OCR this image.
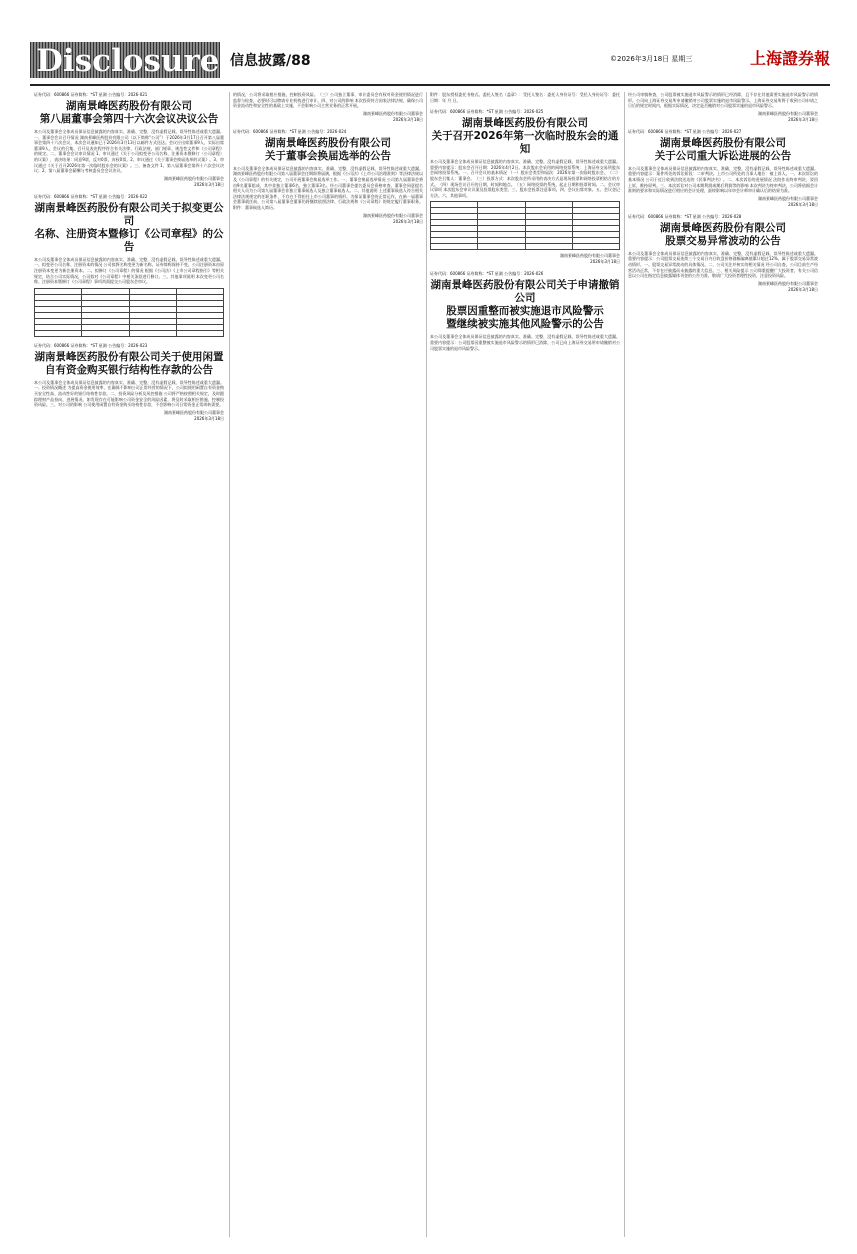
Disclosure 信息披露/88	©2026年3月18日 星期三	上海證券報
证券代码：600866 证券简称：*ST 星湖 公告编号：2026-021
湖南景峰医药股份有限公司
第八届董事会第四十六次会议决议公告
本公司及董事会全体成员保证信息披露的内容真实、准确、完整，没有虚假记载、误导性陈述或重大遗漏。一、董事会会议召开情况 湖南景峰医药股份有限公司（以下简称“公司”）于2026年3月17日召开第八届董事会第四十六次会议，本次会议通知已于2026年3月13日以邮件方式送达。会议应出席董事9人，实际出席董事9人。会议的召集、召开及表决程序符合有关法律、行政法规、部门规章、规范性文件和《公司章程》的规定。二、董事会会议审议情况 1、审议通过《关于公司拟变更公司名称、注册资本暨修订〈公司章程〉的议案》，表决结果：同意9票，反对0票，弃权0票。2、审议通过《关于董事会换届选举的议案》。3、审议通过《关于召开2026年第一次临时股东会的议案》。三、备查文件 1、第八届董事会第四十六次会议决议；2、第八届董事会薪酬与考核委员会会议决议。
湖南景峰医药股份有限公司董事会
2026年3月18日
证券代码：600866 证券简称：*ST 星湖 公告编号：2026-022
湖南景峰医药股份有限公司关于拟变更公司
名称、注册资本暨修订《公司章程》的公告
本公司及董事会全体成员保证信息披露的内容真实、准确、完整，没有虚假记载、误导性陈述或重大遗漏。一、拟变更公司名称、注册资本的情况 公司拟将名称变更为新名称，证券简称保持不变。公司注册资本由原注册资本变更为新注册资本。二、拟修订《公司章程》的情况 根据《公司法》《上市公司章程指引》等相关规定，结合公司实际情况，公司拟对《公司章程》中相关条款进行修订。三、其他事项说明 本次变更公司名称、注册资本暨修订《公司章程》事项尚需提交公司股东会审议。

证券代码：600866 证券简称：*ST 星湖 公告编号：2026-023
湖南景峰医药股份有限公司关于使用闲置
自有资金购买银行结构性存款的公告
本公司及董事会全体成员保证信息披露的内容真实、准确、完整，没有虚假记载、误导性陈述或重大遗漏。一、投资情况概述 为提高资金使用效率，在确保不影响公司正常经营的情况下，公司拟使用闲置自有资金购买安全性高、流动性好的银行结构性存款。二、投资风险分析及风控措施 公司将严格按照相关规定，及时跟踪理财产品投向、进展情况，如发现存在可能影响公司资金安全的风险因素，将及时采取相应措施，控制投资风险。三、对公司的影响 公司使用闲置自有资金购买结构性存款，不会影响公司日常资金正常周转需要。
湖南景峰医药股份有限公司董事会
2026年3月18日
的情况，公司将采取相应措施，控制投资风险。（三）公司独立董事、审计委员会有权对资金使用情况进行监督与检查，必要时可以聘请专业机构进行审计。四、对公司的影响 本次投资符合国家法律法规，确保公司资金流动性和安全性的基础上实施，不会影响公司主营业务的正常开展。
湖南景峰医药股份有限公司董事会
2026年3月18日
证券代码：600866 证券简称：*ST 星湖 公告编号：2026-024
湖南景峰医药股份有限公司
关于董事会换届选举的公告
本公司及董事会全体成员保证信息披露的内容真实、准确、完整，没有虚假记载、误导性陈述或重大遗漏。湖南景峰医药股份有限公司第八届董事会任期即将届满，根据《公司法》《上市公司治理准则》等法律法规以及《公司章程》的有关规定，公司开展董事会换届选举工作。一、董事会换届选举情况 公司第九届董事会将由9名董事组成，其中非独立董事6名，独立董事3名。经公司董事会提名委员会资格审查，董事会同意提名相关人员为公司第九届董事会非独立董事候选人及独立董事候选人。二、其他说明 上述董事候选人符合相关法律法规规定的任职条件，不存在不得担任上市公司董事的情形。为保证董事会的正常运作，在新一届董事会董事就任前，公司第八届董事会董事仍将继续依照法律、行政法规和《公司章程》的规定履行董事职务。附件：董事候选人简历。
湖南景峰医药股份有限公司董事会
2026年3月18日
附件：股东授权委托书格式。委托人签名（盖章）：受托人签名：委托人身份证号：受托人身份证号：委托日期：年 月 日。
证券代码：600866 证券简称：*ST 星湖 公告编号：2026-025
湖南景峰医药股份有限公司
关于召开2026年第一次临时股东会的通知
本公司及董事会全体成员保证信息披露的内容真实、准确、完整，没有虚假记载、误导性陈述或重大遗漏。重要内容提示：股东会召开日期：2026年4月2日。本次股东会采用的网络投票系统：上海证券交易所股东会网络投票系统。一、召开会议的基本情况 （一）股东会类型和届次：2026年第一次临时股东会。（二）股东会召集人：董事会。（三）投票方式：本次股东会所采用的表决方式是现场投票和网络投票相结合的方式。（四）现场会议召开的日期、时间和地点。（五）网络投票的系统、起止日期和投票时间。二、会议审议事项 本次股东会审议议案及投票股东类型。三、股东会投票注意事项。四、会议出席对象。五、会议登记方法。六、其他事项。

湖南景峰医药股份有限公司董事会
2026年3月18日
证券代码：600866 证券简称：*ST 星湖 公告编号：2026-026
湖南景峰医药股份有限公司关于申请撤销公司
股票因重整而被实施退市风险警示
暨继续被实施其他风险警示的公告
本公司及董事会全体成员保证信息披露的内容真实、准确、完整，没有虚假记载、误导性陈述或重大遗漏。重要内容提示：公司股票因重整被实施退市风险警示的情形已消除，公司已向上海证券交易所申请撤销对公司股票实施的退市风险警示。
经公司审慎核查，公司股票被实施退市风险警示的情形已经消除，且不存在其他需要实施退市风险警示的情形。公司向上海证券交易所申请撤销对公司股票实施的退市风险警示。上海证券交易所将于收到公司申请之日后的规定时间内，根据实际情况，决定是否撤销对公司股票实施的退市风险警示。
湖南景峰医药股份有限公司董事会
2026年3月18日
证券代码：600866 证券简称：*ST 星湖 公告编号：2026-027
湖南景峰医药股份有限公司
关于公司重大诉讼进展的公告
本公司及董事会全体成员保证信息披露的内容真实、准确、完整，没有虚假记载、误导性陈述或重大遗漏。重要内容提示：案件所处的诉讼阶段：二审判决。上市公司所处的当事人地位：被上诉人。一、本次诉讼的基本情况 公司于近日收到法院送达的《民事判决书》。二、本次诉讼的进展情况 法院作出终审判决，驳回上诉，维持原判。三、本次诉讼对公司本期利润或期后利润等的影响 本次判决为终审判决，公司将依据会计准则的要求和实际情况进行相应的会计处理，最终影响以年审会计师审计确认后的结果为准。
湖南景峰医药股份有限公司董事会
2026年3月18日
证券代码：600866 证券简称：*ST 星湖 公告编号：2026-028
湖南景峰医药股份有限公司
股票交易异常波动的公告
本公司及董事会全体成员保证信息披露的内容真实、准确、完整，没有虚假记载、误导性陈述或重大遗漏。重要内容提示：公司股票交易连续三个交易日内日收盘价格涨幅偏离值累计超过12%，属于股票交易异常波动情形。一、股票交易异常波动的具体情况。二、公司关注并核实的相关情况 经公司自查，公司目前生产经营活动正常，不存在应披露而未披露的重大信息。三、相关风险提示 公司郑重提醒广大投资者，有关公司信息以公司在指定信息披露媒体刊登的公告为准，敬请广大投资者理性投资，注意投资风险。
湖南景峰医药股份有限公司董事会
2026年3月18日
